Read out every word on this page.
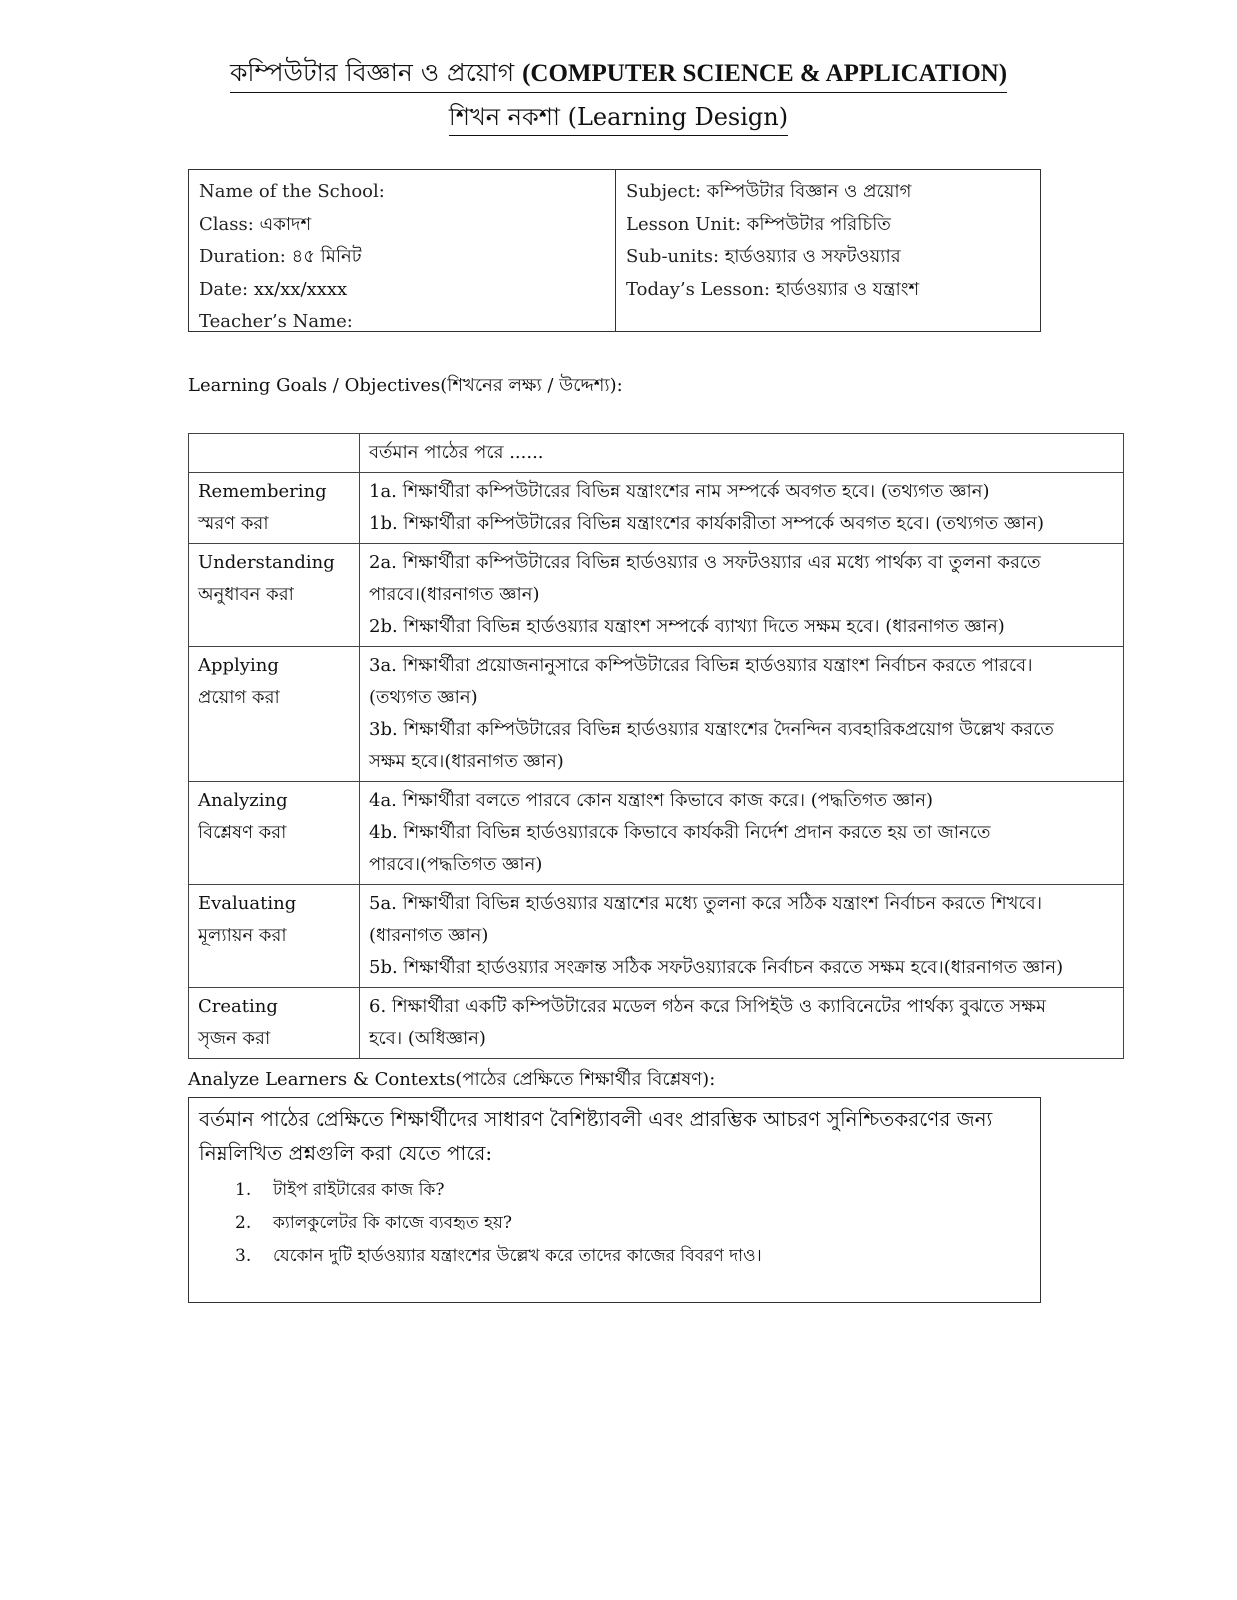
কম্পিউটার বিজ্ঞান ও প্রয়োগ (COMPUTER SCIENCE & APPLICATION)
শিখন নকশা (Learning Design)
Name of the School:
Class: একাদশ
Duration: ৪৫ মিনিট
Date: xx/xx/xxxx
Teacher’s Name:
Subject: কম্পিউটার বিজ্ঞান ও প্রয়োগ
Lesson Unit: কম্পিউটার পরিচিতি
Sub-units: হার্ডওয়্যার ও সফটওয়্যার
Today’s Lesson: হার্ডওয়্যার ও যন্ত্রাংশ
Learning Goals / Objectives(শিখনের লক্ষ্য / উদ্দেশ্য):
	বর্তমান পাঠের পরে ......

Remembering
স্মরণ করা	1a. শিক্ষার্থীরা কম্পিউটারের বিভিন্ন যন্ত্রাংশের নাম সম্পর্কে অবগত হবে। (তথ্যগত জ্ঞান)
1b. শিক্ষার্থীরা কম্পিউটারের বিভিন্ন যন্ত্রাংশের কার্যকারীতা সম্পর্কে অবগত হবে। (তথ্যগত জ্ঞান)

Understanding
অনুধাবন করা	2a. শিক্ষার্থীরা কম্পিউটারের বিভিন্ন হার্ডওয়্যার ও সফটওয়্যার এর মধ্যে পার্থক্য বা তুলনা করতে
পারবে।(ধারনাগত জ্ঞান)
2b. শিক্ষার্থীরা বিভিন্ন হার্ডওয়্যার যন্ত্রাংশ সম্পর্কে ব্যাখ্যা দিতে সক্ষম হবে। (ধারনাগত জ্ঞান)

Applying
প্রয়োগ করা	3a. শিক্ষার্থীরা প্রয়োজনানুসারে কম্পিউটারের বিভিন্ন হার্ডওয়্যার যন্ত্রাংশ নির্বাচন করতে পারবে।
(তথ্যগত জ্ঞান)
3b. শিক্ষার্থীরা কম্পিউটারের বিভিন্ন হার্ডওয়্যার যন্ত্রাংশের দৈনন্দিন ব্যবহারিকপ্রয়োগ উল্লেখ করতে
সক্ষম হবে।(ধারনাগত জ্ঞান)

Analyzing
বিশ্লেষণ করা	4a. শিক্ষার্থীরা বলতে পারবে কোন যন্ত্রাংশ কিভাবে কাজ করে। (পদ্ধতিগত জ্ঞান)
4b. শিক্ষার্থীরা বিভিন্ন হার্ডওয়্যারকে কিভাবে কার্যকরী নির্দেশ প্রদান করতে হয় তা জানতে
পারবে।(পদ্ধতিগত জ্ঞান)

Evaluating
মূল্যায়ন করা	5a. শিক্ষার্থীরা বিভিন্ন হার্ডওয়্যার যন্ত্রাশের মধ্যে তুলনা করে সঠিক যন্ত্রাংশ নির্বাচন করতে শিখবে।
(ধারনাগত জ্ঞান)
5b. শিক্ষার্থীরা হার্ডওয়্যার সংক্রান্ত সঠিক সফটওয়্যারকে নির্বাচন করতে সক্ষম হবে।(ধারনাগত জ্ঞান)

Creating
সৃজন করা	6. শিক্ষার্থীরা একটি কম্পিউটারের মডেল গঠন করে সিপিইউ ও ক্যাবিনেটের পার্থক্য বুঝতে সক্ষম
হবে। (অধিজ্ঞান)
Analyze Learners & Contexts(পাঠের প্রেক্ষিতে শিক্ষার্থীর বিশ্লেষণ):
বর্তমান পাঠের প্রেক্ষিতে শিক্ষার্থীদের সাধারণ বৈশিষ্ট্যাবলী এবং প্রারম্ভিক আচরণ সুনিশ্চিতকরণের জন্য
নিম্নলিখিত প্রশ্নগুলি করা যেতে পারে:
1.	টাইপ রাইটারের কাজ কি?
2.	ক্যালকুলেটর কি কাজে ব্যবহৃত হয়?
3.	যেকোন দুটি হার্ডওয়্যার যন্ত্রাংশের উল্লেখ করে তাদের কাজের বিবরণ দাও।
